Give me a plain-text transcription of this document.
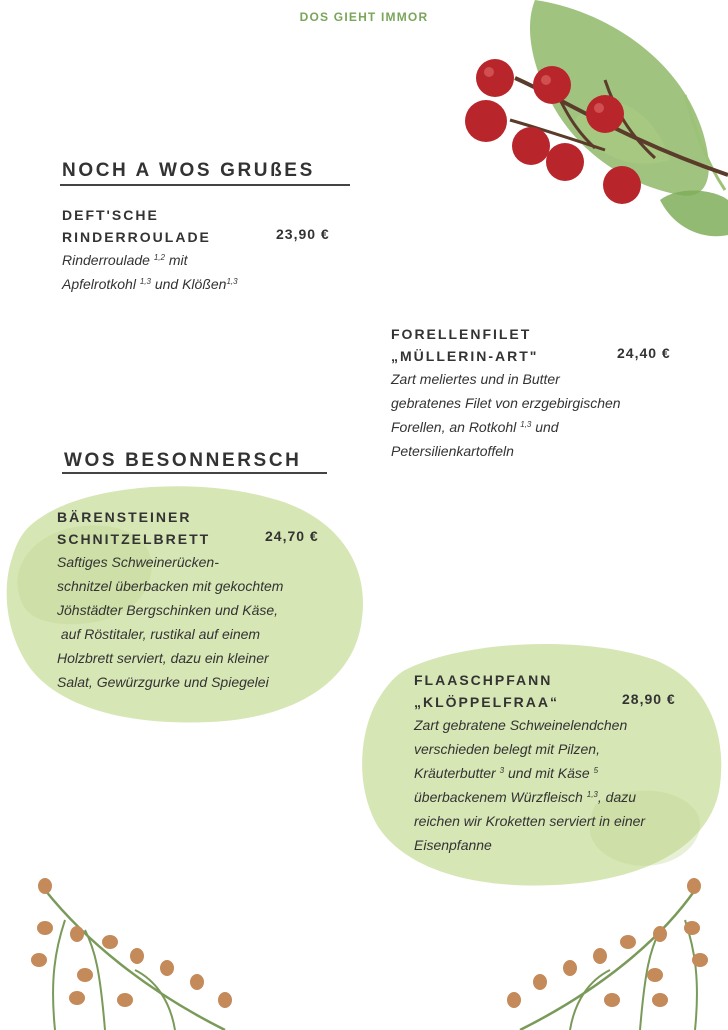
DOS GIEHT IMMOR
NOCH A WOS GRUßES
DEFT'SCHE
RINDERROULADE	23,90 €
Rinderroulade $^{1,2}$ mit
Apfelrotkohl $^{1,3}$ und Klößen$^{1,3}$
FORELLENFILET
„MÜLLERIN-ART"	24,40 €
Zart meliertes und in Butter
gebratenes Filet von erzgebirgischen
Forellen, an Rotkohl $^{1,3}$ und
Petersilienkartoffeln
WOS BESONNERSCH
BÄRENSTEINER
SCHNITZELBRETT	24,70 €
Saftiges Schweinerücken-
schnitzel überbacken mit gekochtem
Jöhstädter Bergschinken und Käse,
auf Röstitaler, rustikal auf einem
Holzbrett serviert, dazu ein kleiner
Salat, Gewürzgurke und Spiegelei	FLAASCHPFANN
„KLÖPPELFRAA“	28,90 €
Zart gebratene Schweinelendchen
verschieden belegt mit Pilzen,
Kräuterbutter $^3$ und mit Käse $^5$
überbackenem Würzfleisch $^{1,3}$, dazu
reichen wir Kroketten serviert in einer
Eisenpfanne
